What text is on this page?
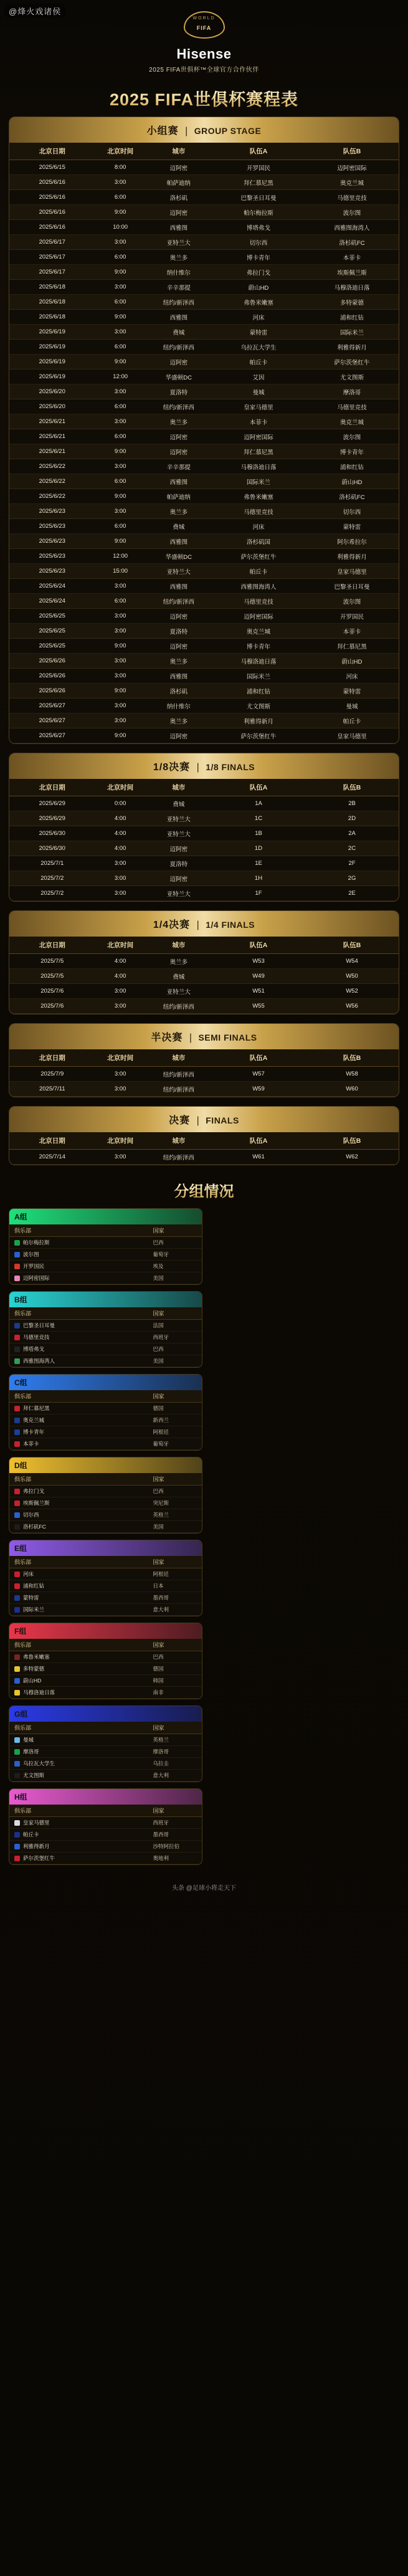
@烽火戏诸侯
WORLD
FIFA
Hisense
2025 FIFA世俱杯™全球官方合作伙伴
2025 FIFA世俱杯赛程表
小组赛 | GROUP STAGE
北京日期	北京时间	城市	队伍A	队伍B
2025/6/15	8:00	迈阿密	开罗国民	迈阿密国际
2025/6/16	3:00	帕萨迪纳	拜仁慕尼黑	奥克兰城
2025/6/16	6:00	洛杉矶	巴黎圣日耳曼	马德里竞技
2025/6/16	9:00	迈阿密	帕尔梅拉斯	波尔图
2025/6/16	10:00	西雅图	博塔弗戈	西雅图海湾人
2025/6/17	3:00	亚特兰大	切尔西	洛杉矶FC
2025/6/17	6:00	奥兰多	博卡青年	本菲卡
2025/6/17	9:00	纳什维尔	弗拉门戈	埃斯佩兰斯
2025/6/18	3:00	辛辛那提	蔚山HD	马穆洛迪日落
2025/6/18	6:00	纽约/新泽西	弗鲁米嫩塞	多特蒙德
2025/6/18	9:00	西雅图	河床	浦和红钻
2025/6/19	3:00	费城	蒙特雷	国际米兰
2025/6/19	6:00	纽约/新泽西	乌拉瓦大学生	利雅得新月
2025/6/19	9:00	迈阿密	帕丘卡	萨尔茨堡红牛
2025/6/19	12:00	华盛顿DC	艾因	尤文图斯
2025/6/20	3:00	夏洛特	曼城	摩洛哥
2025/6/20	6:00	纽约/新泽西	皇家马德里	马德里竞技
2025/6/21	3:00	奥兰多	本菲卡	奥克兰城
2025/6/21	6:00	迈阿密	迈阿密国际	波尔图
2025/6/21	9:00	迈阿密	拜仁慕尼黑	博卡青年
2025/6/22	3:00	辛辛那提	马穆洛迪日落	浦和红钻
2025/6/22	6:00	西雅图	国际米兰	蔚山HD
2025/6/22	9:00	帕萨迪纳	弗鲁米嫩塞	洛杉矶FC
2025/6/23	3:00	奥兰多	马德里竞技	切尔西
2025/6/23	6:00	费城	河床	蒙特雷
2025/6/23	9:00	西雅图	洛杉矶国	阿尔希拉尔
2025/6/23	12:00	华盛顿DC	萨尔茨堡红牛	利雅得新月
2025/6/23	15:00	亚特兰大	帕丘卡	皇家马德里
2025/6/24	3:00	西雅图	西雅图海湾人	巴黎圣日耳曼
2025/6/24	6:00	纽约/新泽西	马德里竞技	波尔图
2025/6/25	3:00	迈阿密	迈阿密国际	开罗国民
2025/6/25	3:00	夏洛特	奥克兰城	本菲卡
2025/6/25	9:00	迈阿密	博卡青年	拜仁慕尼黑
2025/6/26	3:00	奥兰多	马穆洛迪日落	蔚山HD
2025/6/26	3:00	西雅图	国际米兰	河床
2025/6/26	9:00	洛杉矶	浦和红钻	蒙特雷
2025/6/27	3:00	纳什维尔	尤文图斯	曼城
2025/6/27	3:00	奥兰多	利雅得新月	帕丘卡
2025/6/27	9:00	迈阿密	萨尔茨堡红牛	皇家马德里
1/8决赛 | 1/8 FINALS
北京日期	北京时间	城市	队伍A	队伍B
2025/6/29	0:00	费城	1A	2B
2025/6/29	4:00	亚特兰大	1C	2D
2025/6/30	4:00	亚特兰大	1B	2A
2025/6/30	4:00	迈阿密	1D	2C
2025/7/1	3:00	夏洛特	1E	2F
2025/7/2	3:00	迈阿密	1H	2G
2025/7/2	3:00	亚特兰大	1F	2E
1/4决赛 | 1/4 FINALS
北京日期	北京时间	城市	队伍A	队伍B
2025/7/5	4:00	奥兰多	W53	W54
2025/7/5	4:00	费城	W49	W50
2025/7/6	3:00	亚特兰大	W51	W52
2025/7/6	3:00	纽约/新泽西	W55	W56
半决赛 | SEMI FINALS
北京日期	北京时间	城市	队伍A	队伍B
2025/7/9	3:00	纽约/新泽西	W57	W58
2025/7/11	3:00	纽约/新泽西	W59	W60
决赛 | FINALS
北京日期	北京时间	城市	队伍A	队伍B
2025/7/14	3:00	纽约/新泽西	W61	W62
分组情况
A组
俱乐部	国家
帕尔梅拉斯	巴西
波尔图	葡萄牙
开罗国民	埃及
迈阿密国际	美国
B组
俱乐部	国家
巴黎圣日耳曼	法国
马德里竞技	西班牙
博塔弗戈	巴西
西雅图海湾人	美国
C组
俱乐部	国家
拜仁慕尼黑	德国
奥克兰城	新西兰
博卡青年	阿根廷
本菲卡	葡萄牙
D组
俱乐部	国家
弗拉门戈	巴西
埃斯佩兰斯	突尼斯
切尔西	英格兰
洛杉矶FC	美国
E组
俱乐部	国家
河床	阿根廷
浦和红钻	日本
蒙特雷	墨西哥
国际米兰	意大利
F组
俱乐部	国家
弗鲁米嫩塞	巴西
多特蒙德	德国
蔚山HD	韩国
马穆洛迪日落	南非
G组
俱乐部	国家
曼城	英格兰
摩洛哥	摩洛哥
乌拉瓦大学生	乌拉圭
尤文图斯	意大利
H组
俱乐部	国家
皇家马德里	西班牙
帕丘卡	墨西哥
利雅得新月	沙特阿拉伯
萨尔茨堡红牛	奥地利
头条 @足球小将走天下
